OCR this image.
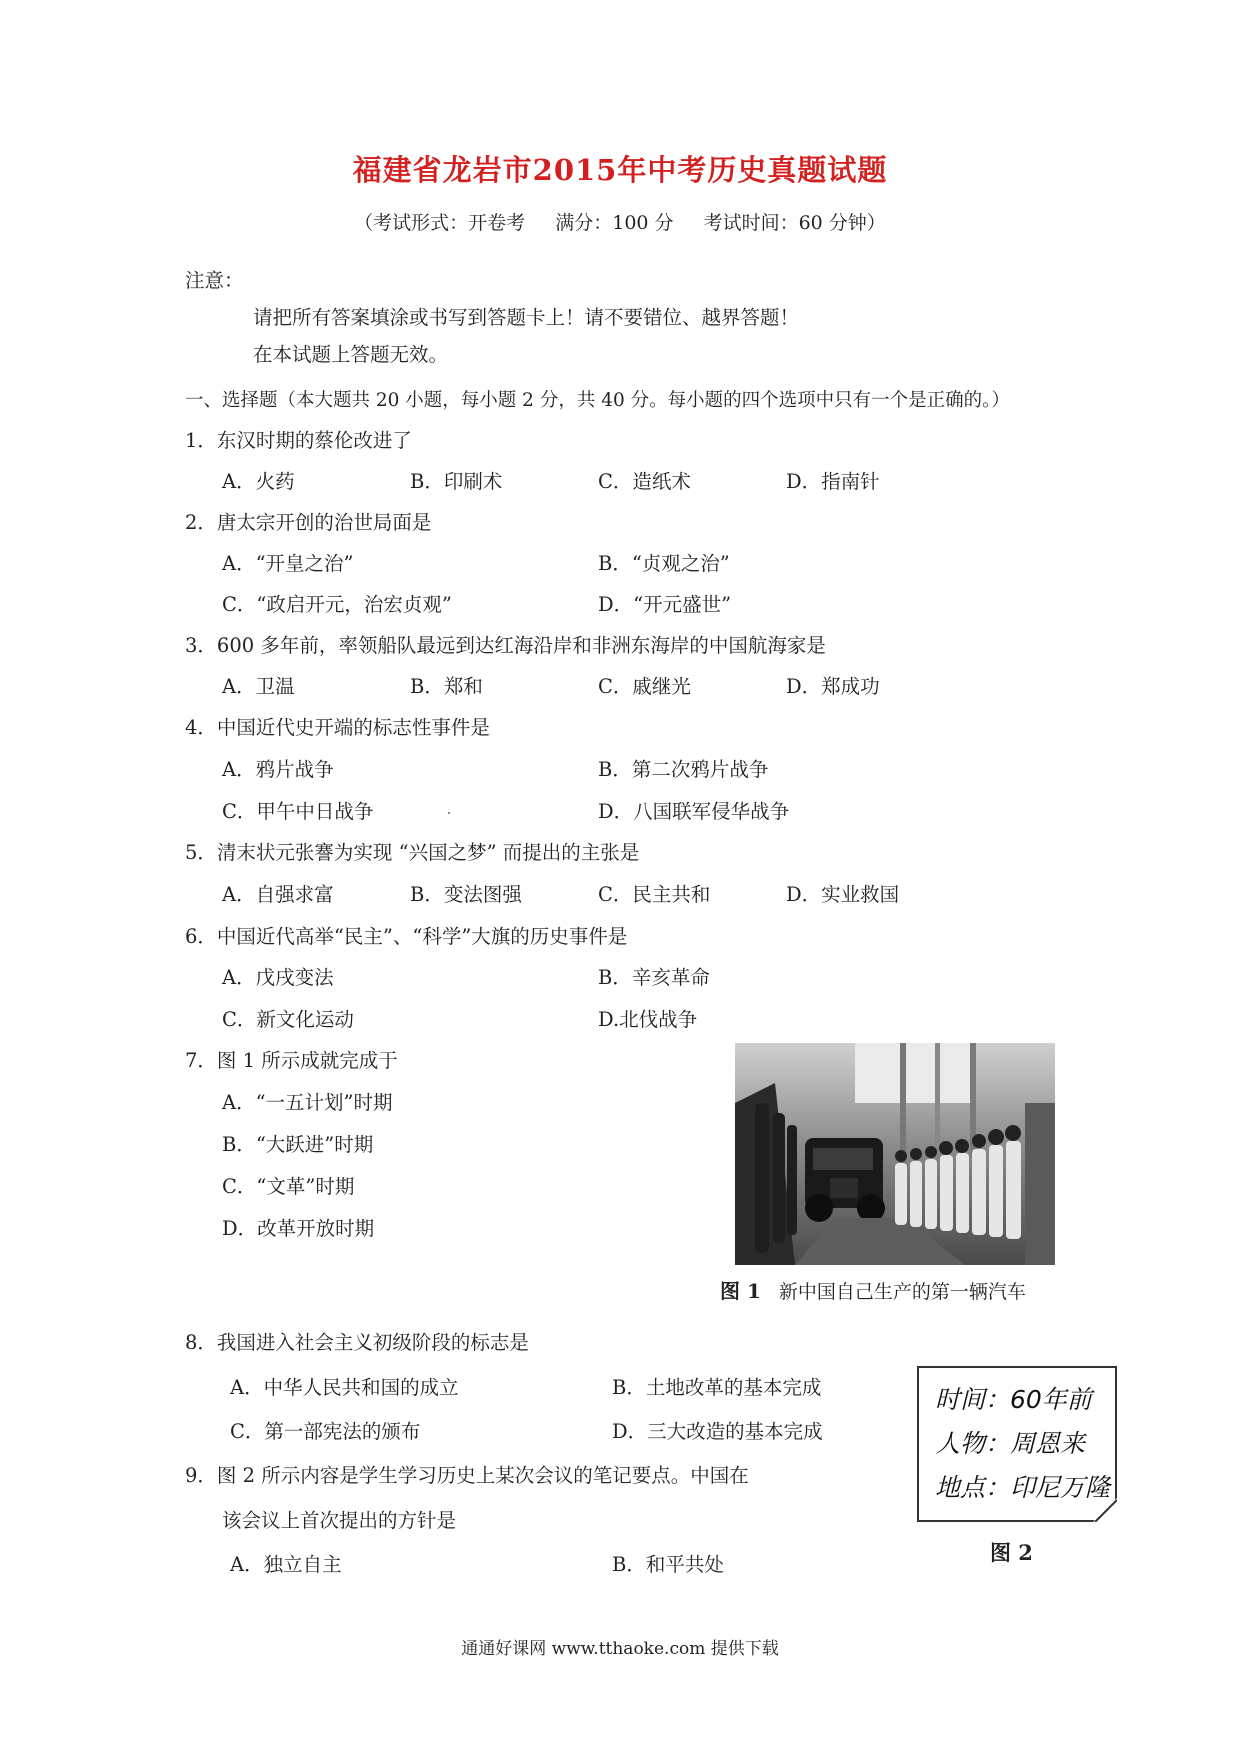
福建省龙岩市2015年中考历史真题试题
（考试形式：开卷考 满分：100 分 考试时间：60 分钟）
注意：
请把所有答案填涂或书写到答题卡上！请不要错位、越界答题！
在本试题上答题无效。
一、选择题（本大题共 20 小题，每小题 2 分，共 40 分。每小题的四个选项中只有一个是正确的。）
1．东汉时期的蔡伦改进了
A．火药	B．印刷术	C．造纸术	D．指南针
2．唐太宗开创的治世局面是
A．“开皇之治”	B．“贞观之治”
C．“政启开元，治宏贞观”	D．“开元盛世”
3．600 多年前，率领船队最远到达红海沿岸和非洲东海岸的中国航海家是
A．卫温	B．郑和	C．戚继光	D．郑成功
4．中国近代史开端的标志性事件是
A．鸦片战争	B．第二次鸦片战争
C．甲午中日战争	D．八国联军侵华战争
5．清末状元张謇为实现 “兴国之梦” 而提出的主张是
A．自强求富	B．变法图强	C．民主共和	D．实业救国
6．中国近代高举“民主”、“科学”大旗的历史事件是
A．戊戌变法	B．辛亥革命
C．新文化运动	D.北伐战争
7．图 1 所示成就完成于
A．“一五计划”时期
B．“大跃进”时期
C．“文革”时期
D．改革开放时期
图 1 新中国自己生产的第一辆汽车
8．我国进入社会主义初级阶段的标志是
A．中华人民共和国的成立	B．土地改革的基本完成
C．第一部宪法的颁布	D．三大改造的基本完成
9．图 2 所示内容是学生学习历史上某次会议的笔记要点。中国在
该会议上首次提出的方针是
A．独立自主	B．和平共处
时间：60年前
人物：周恩来
地点：印尼万隆
图 2
通通好课网 www.tthaoke.com 提供下载
